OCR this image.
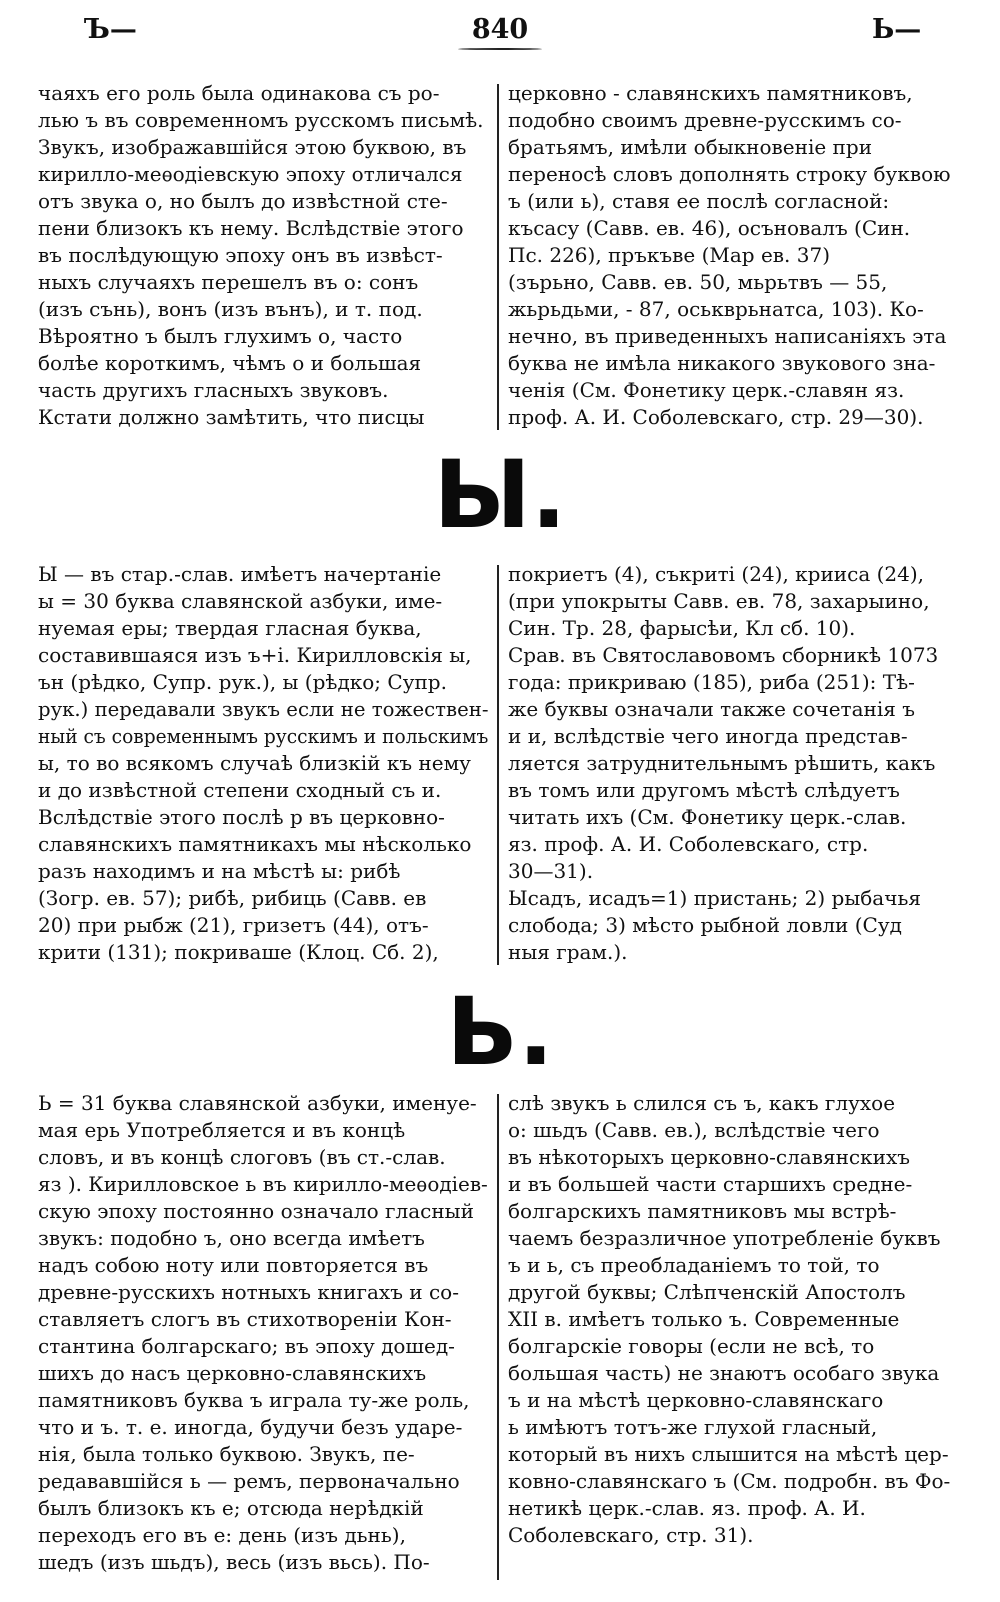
Ъ—	840	Ь—
чаяхъ его роль была одинакова съ ро-
лью ъ въ современномъ русскомъ письмѣ.
Звукъ, изображавшійся этою буквою, въ
кирилло-меѳодіевскую эпоху отличался
отъ звука о, но былъ до извѣстной сте-
пени близокъ къ нему. Вслѣдствіе этого
въ послѣдующую эпоху онъ въ извѣст-
ныхъ случаяхъ перешелъ въ о: сонъ
(изъ сънь), вонъ (изъ вънъ), и т. под.
Вѣроятно ъ былъ глухимъ о, часто
болѣе короткимъ, чѣмъ о и большая
часть другихъ гласныхъ звуковъ.
Кстати должно замѣтить, что писцы
церковно - славянскихъ памятниковъ,
подобно своимъ древне-русскимъ со-
братьямъ, имѣли обыкновеніе при
переносѣ словъ дополнять строку буквою
ъ (или ь), ставя ее послѣ согласной:
късасу (Савв. ев. 46), осъновалъ (Син.
Пс. 226), пръкъве (Мар ев. 37)
(зърьно, Савв. ев. 50, мьрьтвъ — 55,
жьрьдьми, - 87, оськврьнатса, 103). Ко-
нечно, въ приведенныхъ написаніяхъ эта
буква не имѣла никакого звукового зна-
ченія (См. Фонетику церк.-славян яз.
проф. А. И. Соболевскаго, стр. 29—30).
Ы.
Ы — въ стар.-слав. имѣетъ начертаніе
ы = 30 буква славянской азбуки, име-
нуемая еры; твердая гласная буква,
составившаяся изъ ъ+і. Кирилловскія ы,
ън (рѣдко, Супр. рук.), ы (рѣдко; Супр.
рук.) передавали звукъ если не тожествен-
ный съ современнымъ русскимъ и польскимъ
ы, то во всякомъ случаѣ близкій къ нему
и до извѣстной степени сходный съ и.
Вслѣдствіе этого послѣ р въ церковно-
славянскихъ памятникахъ мы нѣсколько
разъ находимъ и на мѣстѣ ы: рибѣ
(Зогр. ев. 57); рибѣ, рибиць (Савв. ев
20) при рыбж (21), гризетъ (44), отъ-
крити (131); покриваше (Клоц. Сб. 2),
покриетъ (4), съкриті (24), крииса (24),
(при упокрыты Савв. ев. 78, захарыино,
Син. Тр. 28, фарысѣи, Кл сб. 10).
Срав. въ Святославовомъ сборникѣ 1073
года: прикриваю (185), риба (251): Тѣ-
же буквы означали также сочетанія ъ
и и, вслѣдствіе чего иногда представ-
ляется затруднительнымъ рѣшить, какъ
въ томъ или другомъ мѣстѣ слѣдуетъ
читать ихъ (См. Фонетику церк.-слав.
яз. проф. А. И. Соболевскаго, стр.
30—31).
Ысадъ, исадъ=1) пристань; 2) рыбачья
слобода; 3) мѣсто рыбной ловли (Суд
ныя грам.).
Ь.
Ь = 31 буква славянской азбуки, именуе-
мая ерь Употребляется и въ концѣ
словъ, и въ концѣ слоговъ (въ ст.-слав.
яз ). Кирилловское ь въ кирилло-меѳодіев-
скую эпоху постоянно означало гласный
звукъ: подобно ъ, оно всегда имѣетъ
надъ собою ноту или повторяется въ
древне-русскихъ нотныхъ книгахъ и со-
ставляетъ слогъ въ стихотвореніи Кон-
стантина болгарскаго; въ эпоху дошед-
шихъ до насъ церковно-славянскихъ
памятниковъ буква ъ играла ту-же роль,
что и ъ. т. е. иногда, будучи безъ ударе-
нія, была только буквою. Звукъ, пе-
редававшійся ь — ремъ, первоначально
былъ близокъ къ е; отсюда нерѣдкій
переходъ его въ е: день (изъ дьнь),
шедъ (изъ шьдъ), весь (изъ вьсь). По-
слѣ звукъ ь слился съ ъ, какъ глухое
о: шьдъ (Савв. ев.), вслѣдствіе чего
въ нѣкоторыхъ церковно-славянскихъ
и въ большей части старшихъ средне-
болгарскихъ памятниковъ мы встрѣ-
чаемъ безразличное употребленіе буквъ
ъ и ь, съ преобладаніемъ то той, то
другой буквы; Слѣпченскій Апостолъ
XII в. имѣетъ только ъ. Современные
болгарскіе говоры (если не всѣ, то
большая часть) не знаютъ особаго звука
ъ и на мѣстѣ церковно-славянскаго
ь имѣютъ тотъ-же глухой гласный,
который въ нихъ слышится на мѣстѣ цер-
ковно-славянскаго ъ (См. подробн. въ Фо-
нетикѣ церк.-слав. яз. проф. А. И.
Соболевскаго, стр. 31).
